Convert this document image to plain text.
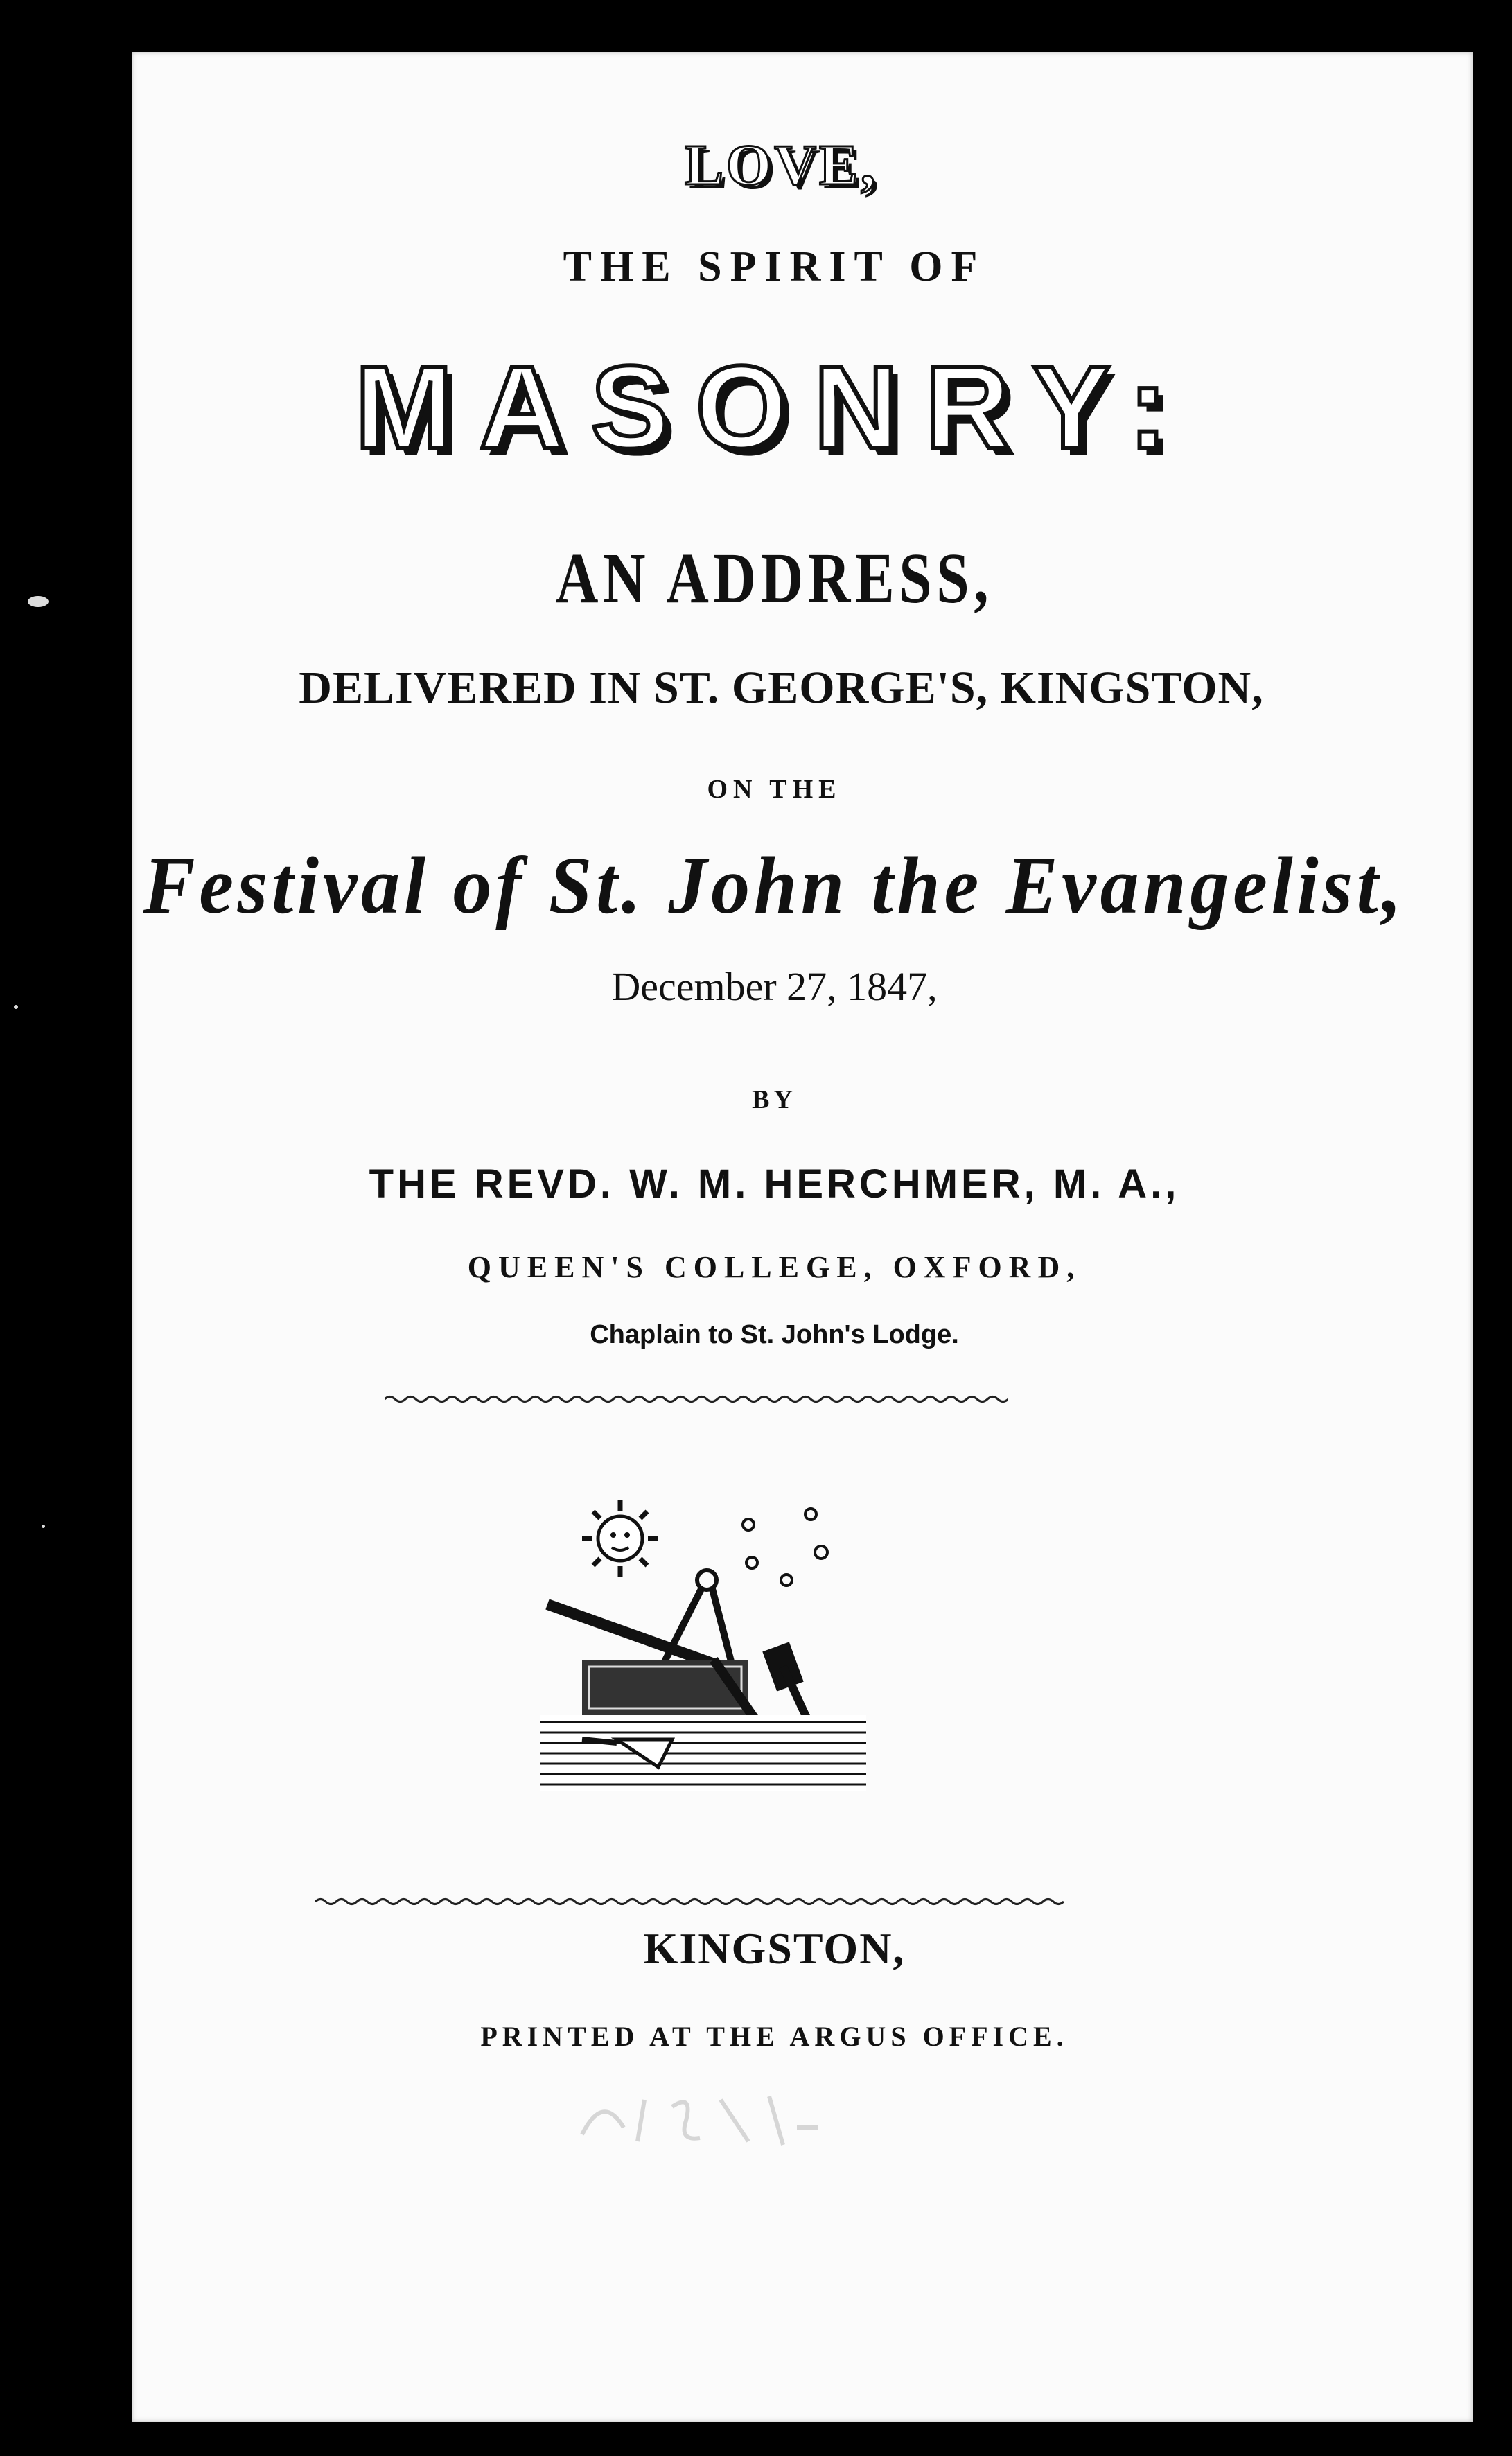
LOVE,
THE SPIRIT OF
MASONRY:
AN ADDRESS,
DELIVERED IN ST. GEORGE'S, KINGSTON,
ON THE
Festival of St. John the Evangelist,
December 27, 1847,
BY
THE REVD. W. M. HERCHMER, M. A.,
QUEEN'S COLLEGE, OXFORD,
Chaplain to St. John's Lodge.
KINGSTON,
PRINTED AT THE ARGUS OFFICE.
